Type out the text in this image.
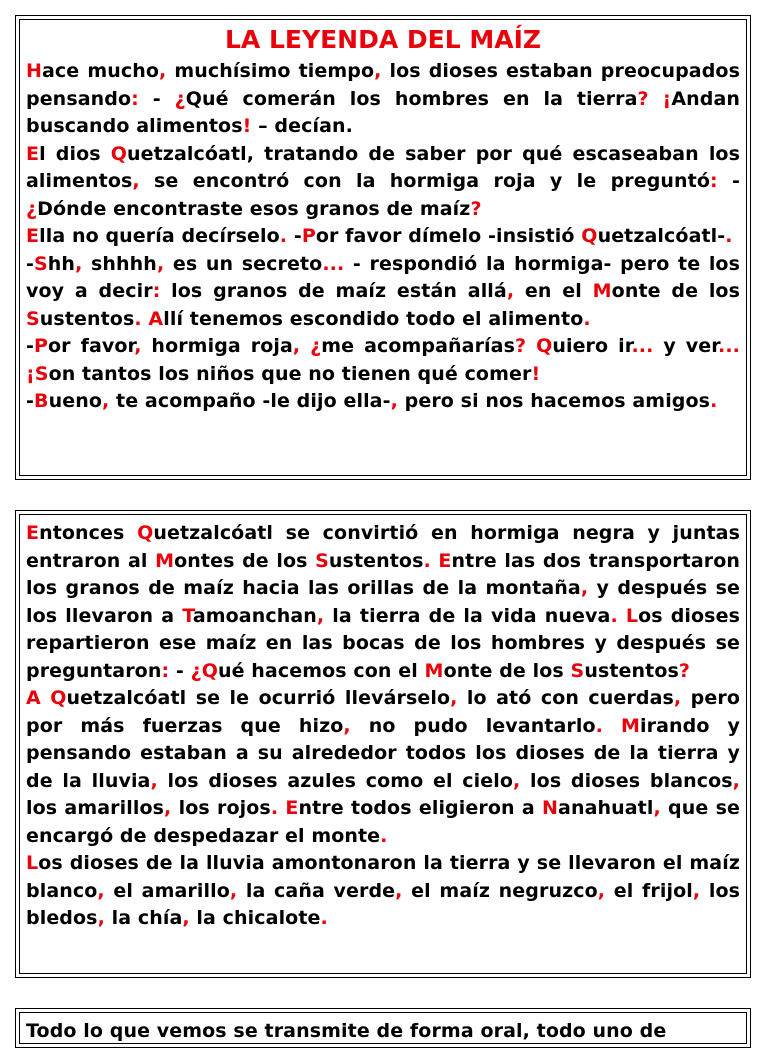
LA LEYENDA DEL MAÍZ

Hace mucho, muchísimo tiempo, los dioses estaban preocupados pensando: - ¿Qué comerán los hombres en la tierra? ¡Andan buscando alimentos! – decían.

El dios Quetzalcóatl, tratando de saber por qué escaseaban los alimentos, se encontró con la hormiga roja y le preguntó: - ¿Dónde encontraste esos granos de maíz?

Ella no quería decírselo. -Por favor dímelo -insistió Quetzalcóatl-.

-Shh, shhhh, es un secreto... - respondió la hormiga- pero te los voy a decir: los granos de maíz están allá, en el Monte de los Sustentos. Allí tenemos escondido todo el alimento.

-Por favor, hormiga roja, ¿me acompañarías? Quiero ir... y ver... ¡Son tantos los niños que no tienen qué comer!

-Bueno, te acompaño -le dijo ella-, pero si nos hacemos amigos.

Entonces Quetzalcóatl se convirtió en hormiga negra y juntas entraron al Montes de los Sustentos. Entre las dos transportaron los granos de maíz hacia las orillas de la montaña, y después se los llevaron a Tamoanchan, la tierra de la vida nueva. Los dioses repartieron ese maíz en las bocas de los hombres y después se preguntaron: - ¿Qué hacemos con el Monte de los Sustentos?

A Quetzalcóatl se le ocurrió llevárselo, lo ató con cuerdas, pero por más fuerzas que hizo, no pudo levantarlo. Mirando y pensando estaban a su alrededor todos los dioses de la tierra y de la lluvia, los dioses azules como el cielo, los dioses blancos, los amarillos, los rojos. Entre todos eligieron a Nanahuatl, que se encargó de despedazar el monte.

Los dioses de la lluvia amontonaron la tierra y se llevaron el maíz blanco, el amarillo, la caña verde, el maíz negruzco, el frijol, los bledos, la chía, la chicalote.

Todo lo que vemos se transmite de forma oral, todo uno de
